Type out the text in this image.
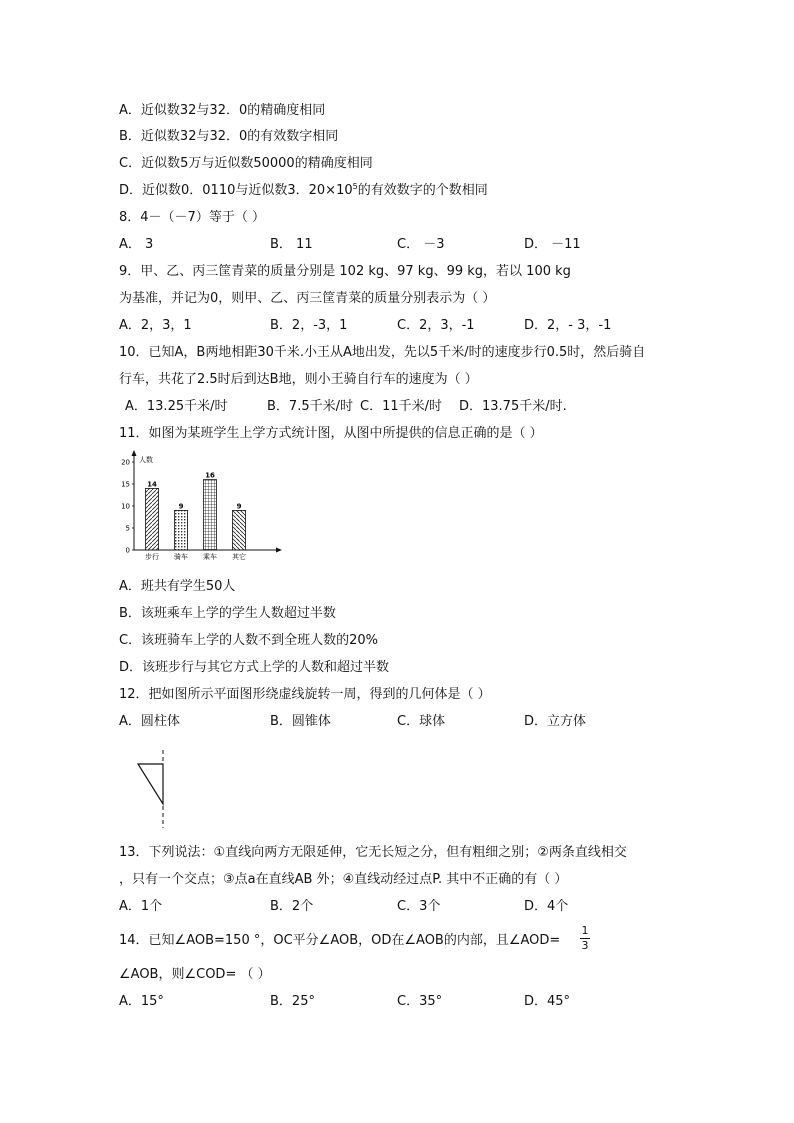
A．近似数32与32．0的精确度相同
B．近似数32与32．0的有效数字相同
C．近似数5万与近似数50000的精确度相同
D．近似数0．0110与近似数3．$20\times 10^5$的有效数字的个数相同
8．4－（－7）等于（ ）
A． 3	B． 11	C． －3	D． －11
9．甲、乙、丙三筐青菜的质量分别是 102 kg、97 kg、99 kg，若以 100 kg
为基准，并记为0，则甲、乙、丙三筐青菜的质量分别表示为（ ）
A．2，3，1	B．2，-3，1	C．2，3，-1	D．2，- 3，-1
10．已知A，B两地相距30千米.小王从A地出发，先以5千米/时的速度步行0.5时，然后骑自
行车，共花了2.5时后到达B地，则小王骑自行车的速度为（ ）
A．13.25千米/时	B．7.5千米/时 C．11千米/时 D．13.75千米/时.
11．如图为某班学生上学方式统计图，从图中所提供的信息正确的是（ ）
人数
0
5
10
15
20
14
步行
9
骑车
16
乘车
9
其它
A．班共有学生50人
B．该班乘车上学的学生人数超过半数
C．该班骑车上学的人数不到全班人数的20%
D．该班步行与其它方式上学的人数和超过半数
12．把如图所示平面图形绕虚线旋转一周，得到的几何体是（ ）
A．圆柱体	B．圆锥体	C．球体	D．立方体
13．下列说法：①直线向两方无限延伸，它无长短之分，但有粗细之别；②两条直线相交
，只有一个交点；③点a在直线AB 外；④直线动经过点P. 其中不正确的有（ ）
A．1个	B．2个	C．3个	D．4个
14．已知∠AOB=150 °，OC平分∠AOB，OD在∠AOB的内部，且∠AOD=
1
3
∠AOB，则∠COD= （ ）
A．15°	B．25°	C．35°	D．45°
